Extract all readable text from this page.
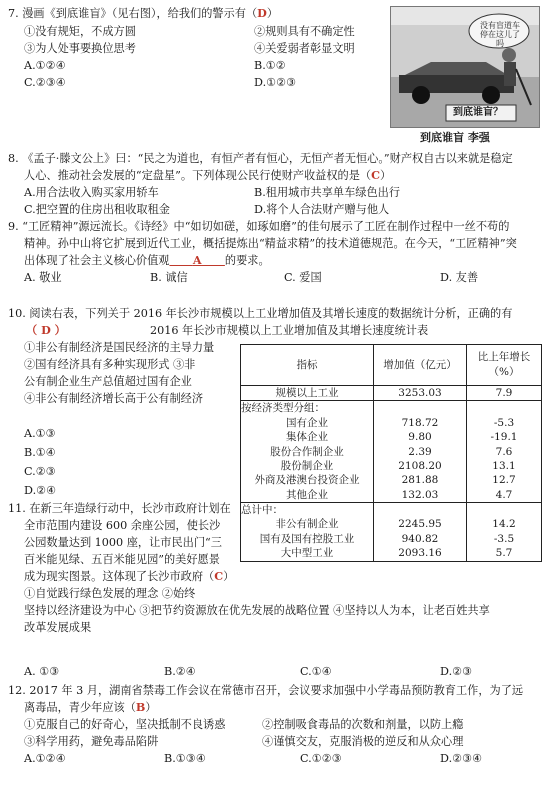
7. 漫画《到底谁盲》（见右图），给我们的警示有（D）
①没有规矩，不成方圆	②规则具有不确定性
③为人处事要换位思考	④关爱弱者彰显文明
A.①②④	B.①②
C.②③④	D.①②③
没有盲道车停在这儿了吗
到底谁盲？
到底谁盲 李强
8. 《孟子·滕文公上》曰：“民之为道也，有恒产者有恒心，无恒产者无恒心。”财产权自古以来就是稳定
人心、推动社会发展的“定盘星”。下列体现公民行使财产收益权的是（C）
A.用合法收入购买家用轿车	B.租用城市共享单车绿色出行
C.把空置的住房出租收取租金	D.将个人合法财产赠与他人
9. “工匠精神”源远流长。《诗经》中“如切如磋，如琢如磨”的佳句展示了工匠在制作过程中一丝不苟的
精神。孙中山将它扩展到近代工业，概括提炼出“精益求精”的技术道德规范。在今天，“工匠精神”突
出体现了社会主义核心价值观 A 的要求。
A. 敬业	B. 诚信	C. 爱国	D. 友善
10. 阅读右表，下列关于 2016 年长沙市规模以上工业增加值及其增长速度的数据统计分析，正确的有
（ D ）	2016 年长沙市规模以上工业增加值及其增长速度统计表
①非公有制经济是国民经济的主导力量
②国有经济具有多种实现形式 ③非
公有制企业生产总值超过国有企业
④非公有制经济增长高于公有制经济
A.①③
B.①④
C.②③
D.②④
指标	增加值（亿元）	比上年增长（%）
规模以上工业	3253.03	7.9
按经济类型分组：		
国有企业	718.72	-5.3
集体企业	9.80	-19.1
股份合作制企业	2.39	7.6
股份制企业	2108.20	13.1
外商及港澳台投资企业	281.88	12.7
其他企业	132.03	4.7
总计中：		
非公有制企业	2245.95	14.2
国有及国有控股工业	940.82	-3.5
大中型工业	2093.16	5.7
11. 在新三年造绿行动中，长沙市政府计划在
全市范围内建设 600 余座公园，使长沙
公园数量达到 1000 座，让市民出门“三
百米能见绿、五百米能见园”的美好愿景
成为现实图景。这体现了长沙市政府（C）
①自觉践行绿色发展的理念 ②始终
坚持以经济建设为中心 ③把节约资源放在优先发展的战略位置 ④坚持以人为本，让老百姓共享
改革发展成果
A. ①③	B.②④	C.①④	D.②③
12. 2017 年 3 月，湖南省禁毒工作会议在常德市召开，会议要求加强中小学毒品预防教育工作，为了远
离毒品，青少年应该（B）
①克服自己的好奇心，坚决抵制不良诱惑	②控制吸食毒品的次数和剂量，以防上瘾
③科学用药，避免毒品陷阱	④谨慎交友，克服消极的逆反和从众心理
A.①②④	B.①③④	C.①②③	D.②③④
